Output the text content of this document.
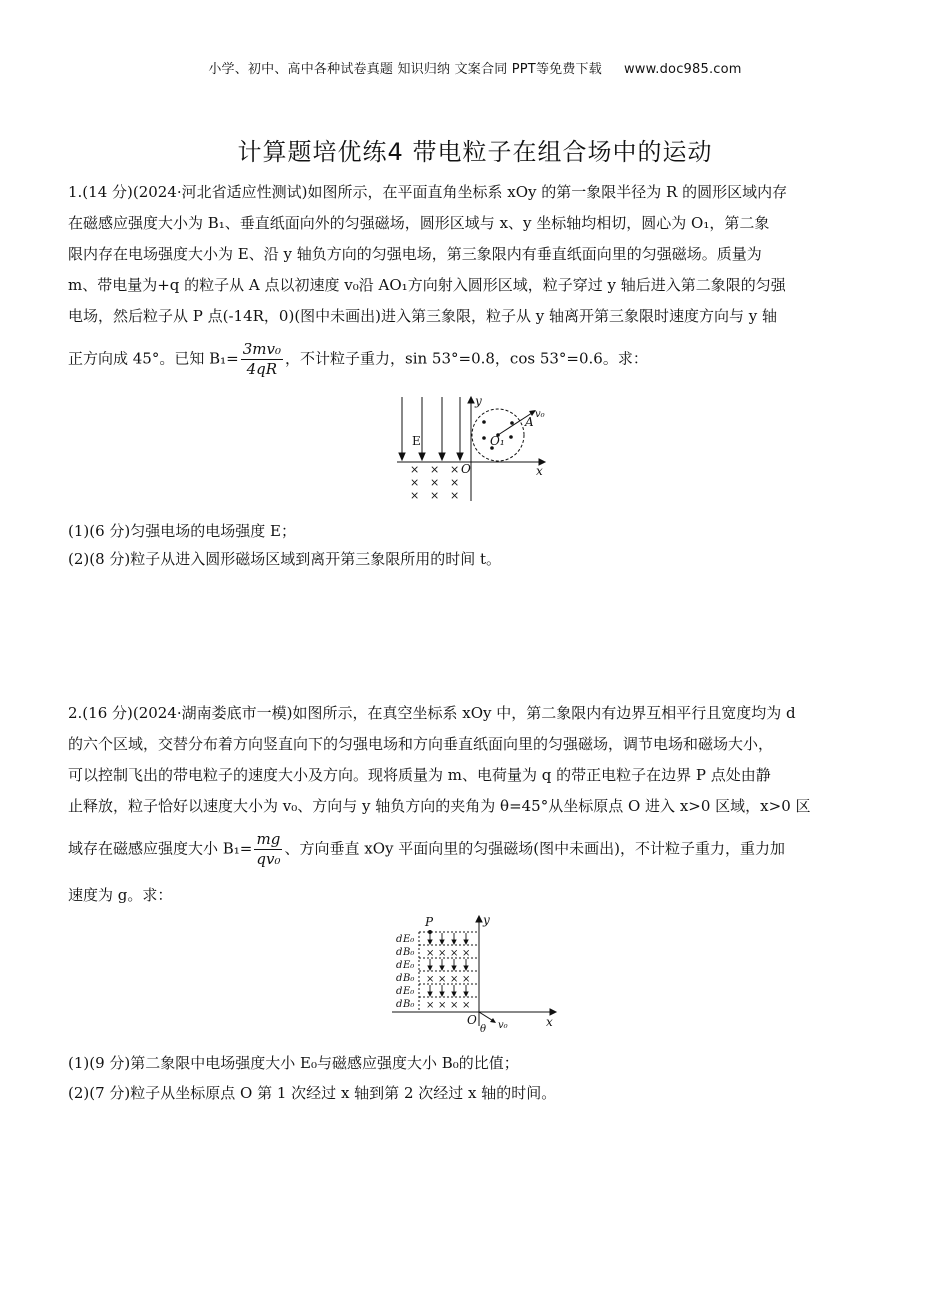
小学、初中、高中各种试卷真题 知识归纳 文案合同 PPT等免费下载 www.doc985.com
计算题培优练4 带电粒子在组合场中的运动
1.(14 分)(2024·河北省适应性测试)如图所示，在平面直角坐标系 xOy 的第一象限半径为 R 的圆形区域内存
在磁感应强度大小为 B₁、垂直纸面向外的匀强磁场，圆形区域与 x、y 坐标轴均相切，圆心为 O₁，第二象
限内存在电场强度大小为 E、沿 y 轴负方向的匀强电场，第三象限内有垂直纸面向里的匀强磁场。质量为
m、带电量为+q 的粒子从 A 点以初速度 v₀沿 AO₁方向射入圆形区域，粒子穿过 y 轴后进入第二象限的匀强
电场，然后粒子从 P 点(-14R，0)(图中未画出)进入第三象限，粒子从 y 轴离开第三象限时速度方向与 y 轴
正方向成 45°。已知 $B_1= \frac{\text{3mv₀}}{4qR}$ ，不计粒子重力，sin 53°=0.8，cos 53°=0.6。求：
E
y
x
O
A
O₁
v₀
× × ×
× × ×
× × ×
(1)(6 分)匀强电场的电场强度 E；
(2)(8 分)粒子从进入圆形磁场区域到离开第三象限所用的时间 t。
2.(16 分)(2024·湖南娄底市一模)如图所示，在真空坐标系 xOy 中，第二象限内有边界互相平行且宽度均为 d
的六个区域，交替分布着方向竖直向下的匀强电场和方向垂直纸面向里的匀强磁场，调节电场和磁场大小，
可以控制飞出的带电粒子的速度大小及方向。现将质量为 m、电荷量为 q 的带正电粒子在边界 P 点处由静
止释放，粒子恰好以速度大小为 v₀、方向与 y 轴负方向的夹角为 θ=45°从坐标原点 O 进入 x>0 区域，x>0 区
域存在磁感应强度大小 $B_1= \frac{mg}{\text{qv₀}}$ 、方向垂直 xOy 平面向里的匀强磁场(图中未画出)，不计粒子重力，重力加
速度为 g。求：
× × × ×
× × × ×
× × × ×
d E₀
d B₀
d E₀
d B₀
d E₀
d B₀
P	y
x
O
θ v₀
(1)(9 分)第二象限中电场强度大小 E₀与磁感应强度大小 B₀的比值；
(2)(7 分)粒子从坐标原点 O 第 1 次经过 x 轴到第 2 次经过 x 轴的时间。
